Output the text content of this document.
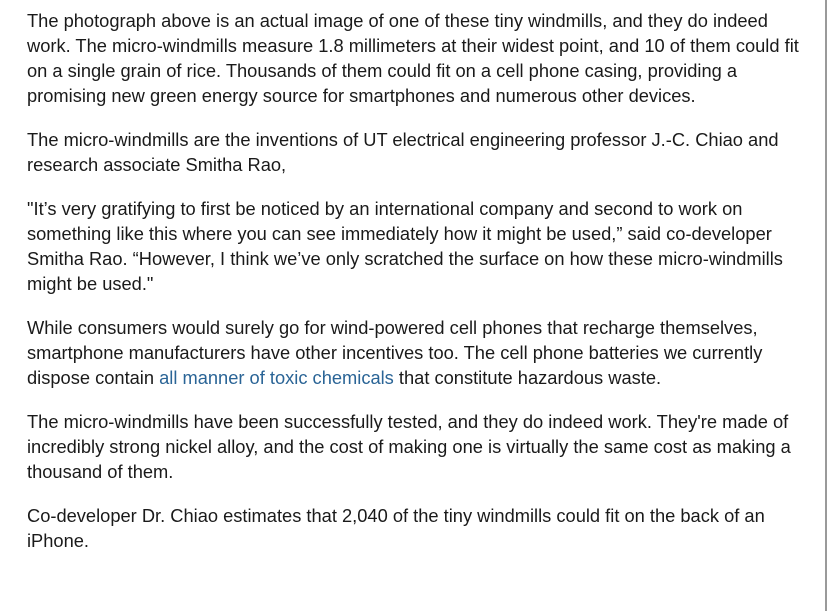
The photograph above is an actual image of one of these tiny windmills, and they do indeed work. The micro-windmills measure 1.8 millimeters at their widest point, and 10 of them could fit on a single grain of rice. Thousands of them could fit on a cell phone casing, providing a promising new green energy source for smartphones and numerous other devices.

The micro-windmills are the inventions of UT electrical engineering professor J.-C. Chiao and research associate Smitha Rao,

"It’s very gratifying to first be noticed by an international company and second to work on something like this where you can see immediately how it might be used,” said co-developer Smitha Rao. “However, I think we’ve only scratched the surface on how these micro-windmills might be used."

While consumers would surely go for wind-powered cell phones that recharge themselves, smartphone manufacturers have other incentives too. The cell phone batteries we currently dispose contain all manner of toxic chemicals that constitute hazardous waste.

The micro-windmills have been successfully tested, and they do indeed work. They're made of incredibly strong nickel alloy, and the cost of making one is virtually the same cost as making a thousand of them.

Co-developer Dr. Chiao estimates that 2,040 of the tiny windmills could fit on the back of an iPhone.
